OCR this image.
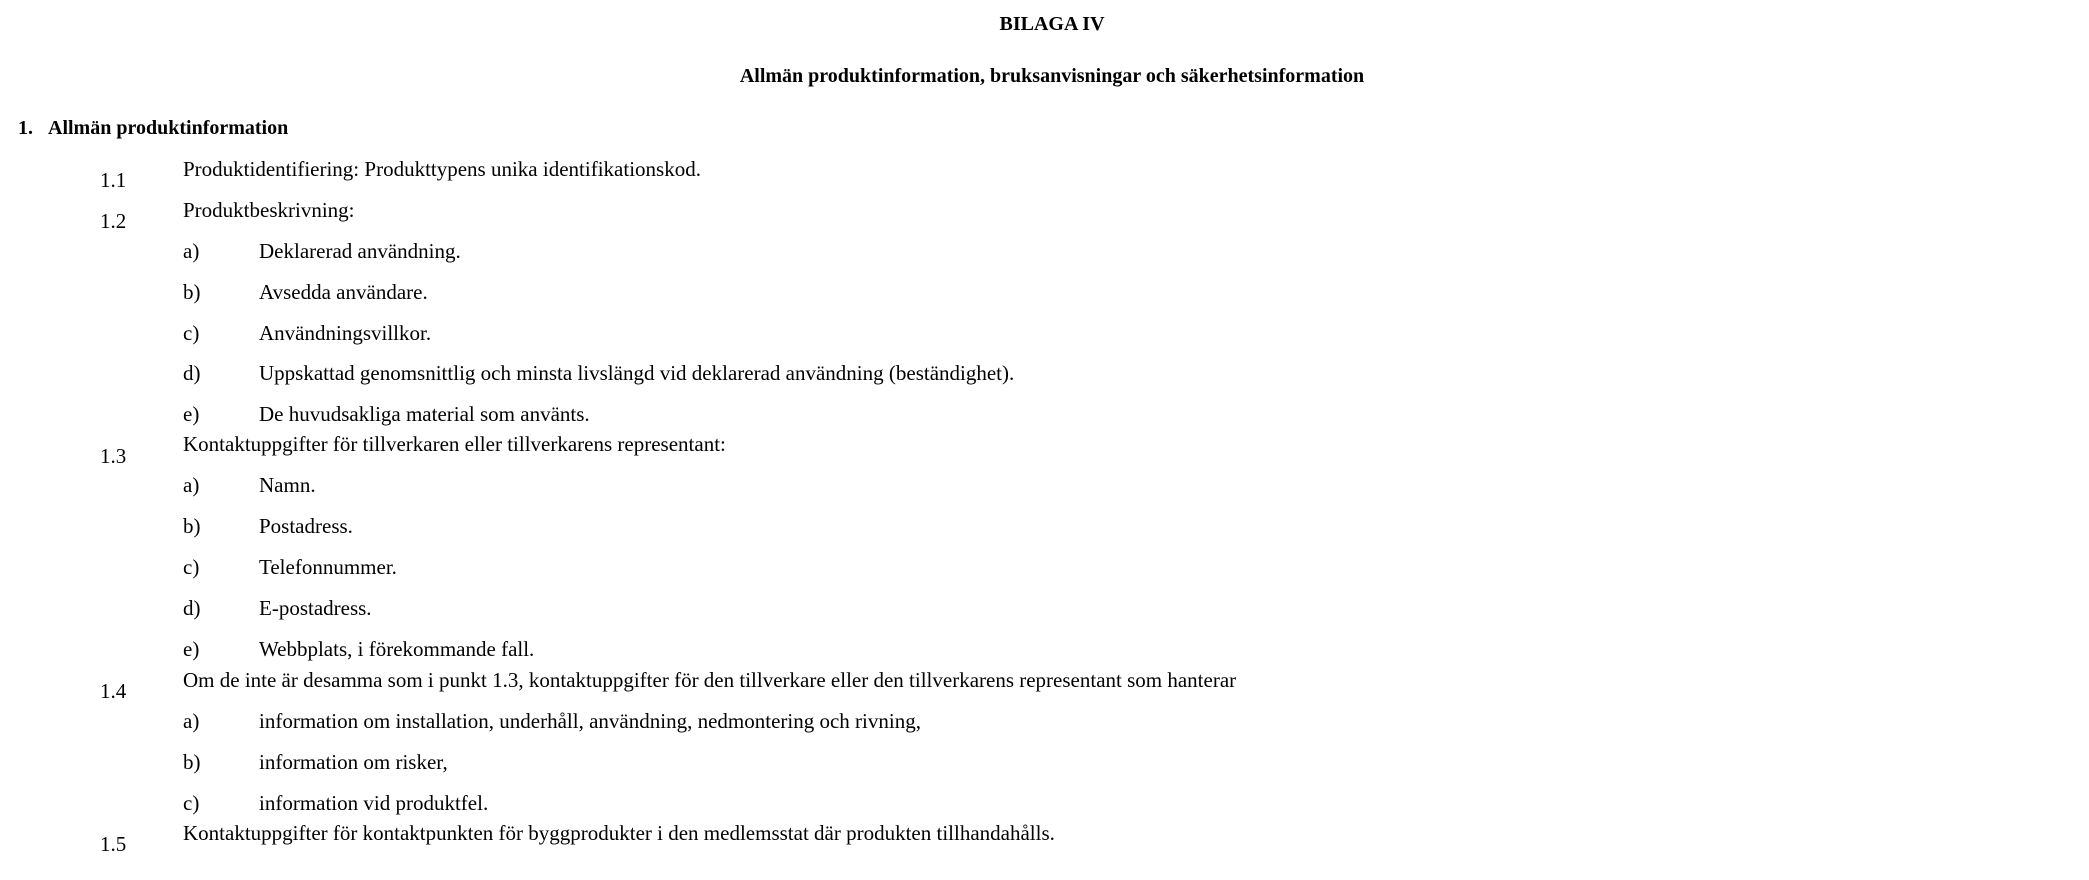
BILAGA IV
Allmän produktinformation, bruksanvisningar och säkerhetsinformation
1. Allmän produktinformation
1.1	Produktidentifiering: Produkttypens unika identifikationskod.
1.2	Produktbeskrivning:
a)	Deklarerad användning.
b)	Avsedda användare.
c)	Användningsvillkor.
d)	Uppskattad genomsnittlig och minsta livslängd vid deklarerad användning (beständighet).
e)	De huvudsakliga material som använts.
1.3	Kontaktuppgifter för tillverkaren eller tillverkarens representant:
a)	Namn.
b)	Postadress.
c)	Telefonnummer.
d)	E-postadress.
e)	Webbplats, i förekommande fall.
1.4	Om de inte är desamma som i punkt 1.3, kontaktuppgifter för den tillverkare eller den tillverkarens representant som hanterar
a)	information om installation, underhåll, användning, nedmontering och rivning,
b)	information om risker,
c)	information vid produktfel.
1.5	Kontaktuppgifter för kontaktpunkten för byggprodukter i den medlemsstat där produkten tillhandahålls.
